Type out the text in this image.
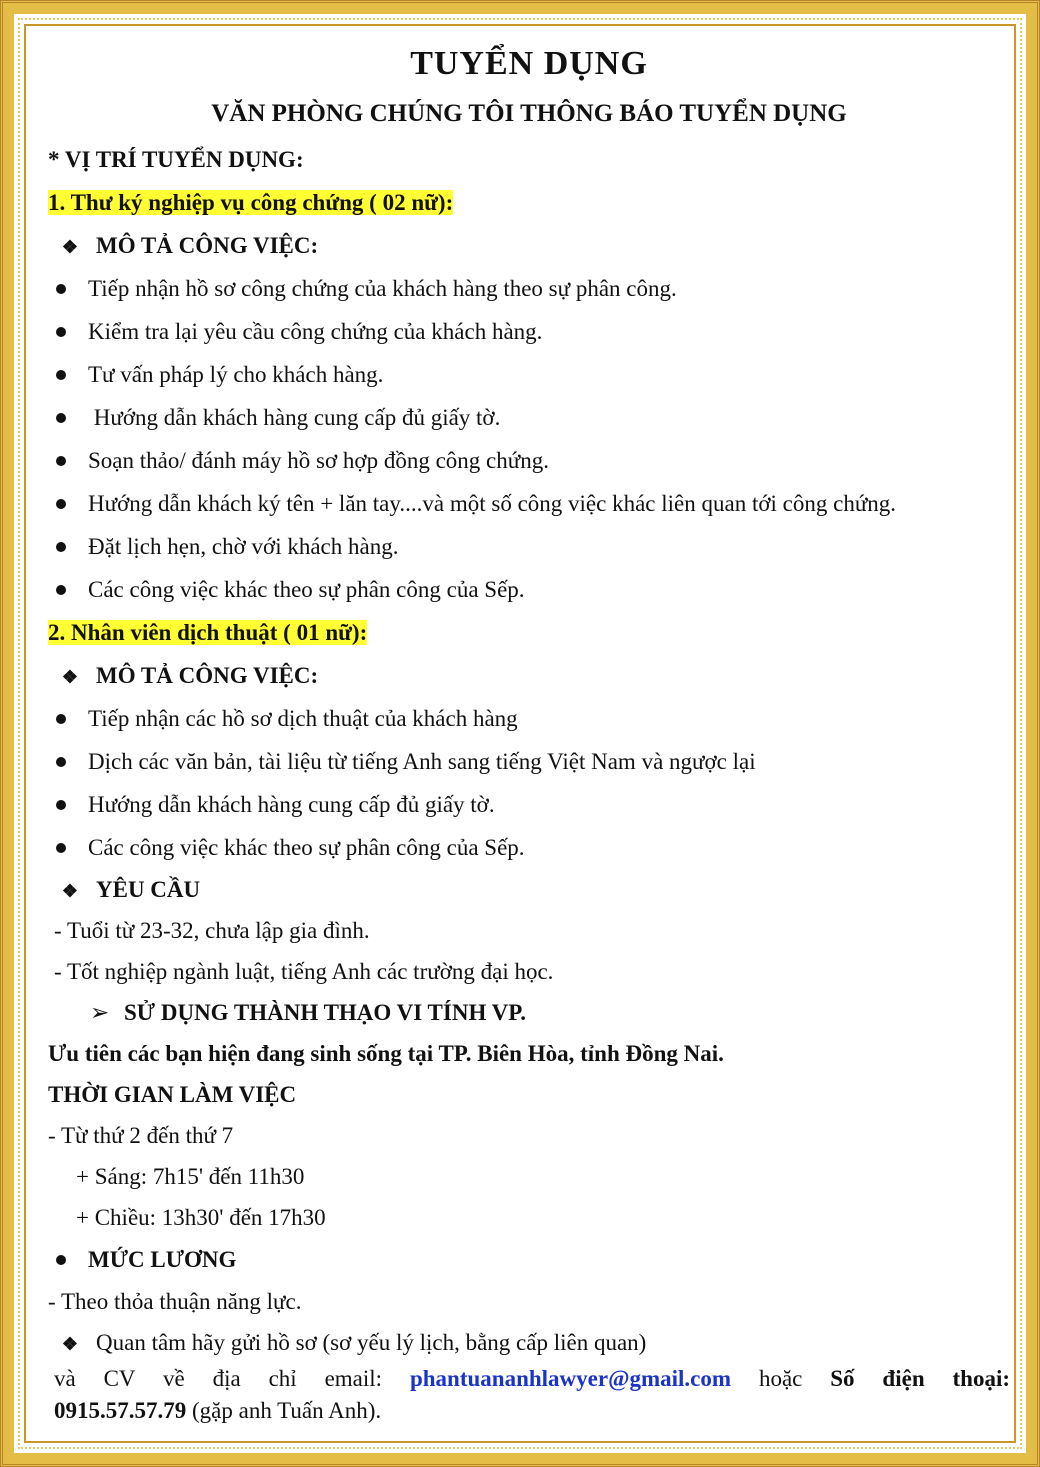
TUYỂN DỤNG
VĂN PHÒNG CHÚNG TÔI THÔNG BÁO TUYỂN DỤNG
* VỊ TRÍ TUYỂN DỤNG:
1. Thư ký nghiệp vụ công chứng ( 02 nữ):
❖ MÔ TẢ CÔNG VIỆC:
Tiếp nhận hồ sơ công chứng của khách hàng theo sự phân công.
Kiểm tra lại yêu cầu công chứng của khách hàng.
Tư vấn pháp lý cho khách hàng.
Hướng dẫn khách hàng cung cấp đủ giấy tờ.
Soạn thảo/ đánh máy hồ sơ hợp đồng công chứng.
Hướng dẫn khách ký tên + lăn tay....và một số công việc khác liên quan tới công chứng.
Đặt lịch hẹn, chờ với khách hàng.
Các công việc khác theo sự phân công của Sếp.
2. Nhân viên dịch thuật ( 01 nữ):
❖ MÔ TẢ CÔNG VIỆC:
Tiếp nhận các hồ sơ dịch thuật của khách hàng
Dịch các văn bản, tài liệu từ tiếng Anh sang tiếng Việt Nam và ngược lại
Hướng dẫn khách hàng cung cấp đủ giấy tờ.
Các công việc khác theo sự phân công của Sếp.
❖ YÊU CẦU
- Tuổi từ 23-32, chưa lập gia đình.
- Tốt nghiệp ngành luật, tiếng Anh các trường đại học.
➢ SỬ DỤNG THÀNH THẠO VI TÍNH VP.
Ưu tiên các bạn hiện đang sinh sống tại TP. Biên Hòa, tỉnh Đồng Nai.
THỜI GIAN LÀM VIỆC
- Từ thứ 2 đến thứ 7
+ Sáng: 7h15' đến 11h30
+ Chiều: 13h30' đến 17h30
MỨC LƯƠNG
- Theo thỏa thuận năng lực.
❖ Quan tâm hãy gửi hồ sơ (sơ yếu lý lịch, bằng cấp liên quan)
và CV về địa chỉ email: phantuananhlawyer@gmail.com hoặc Số điện thoại:
0915.57.57.79 (gặp anh Tuấn Anh).
